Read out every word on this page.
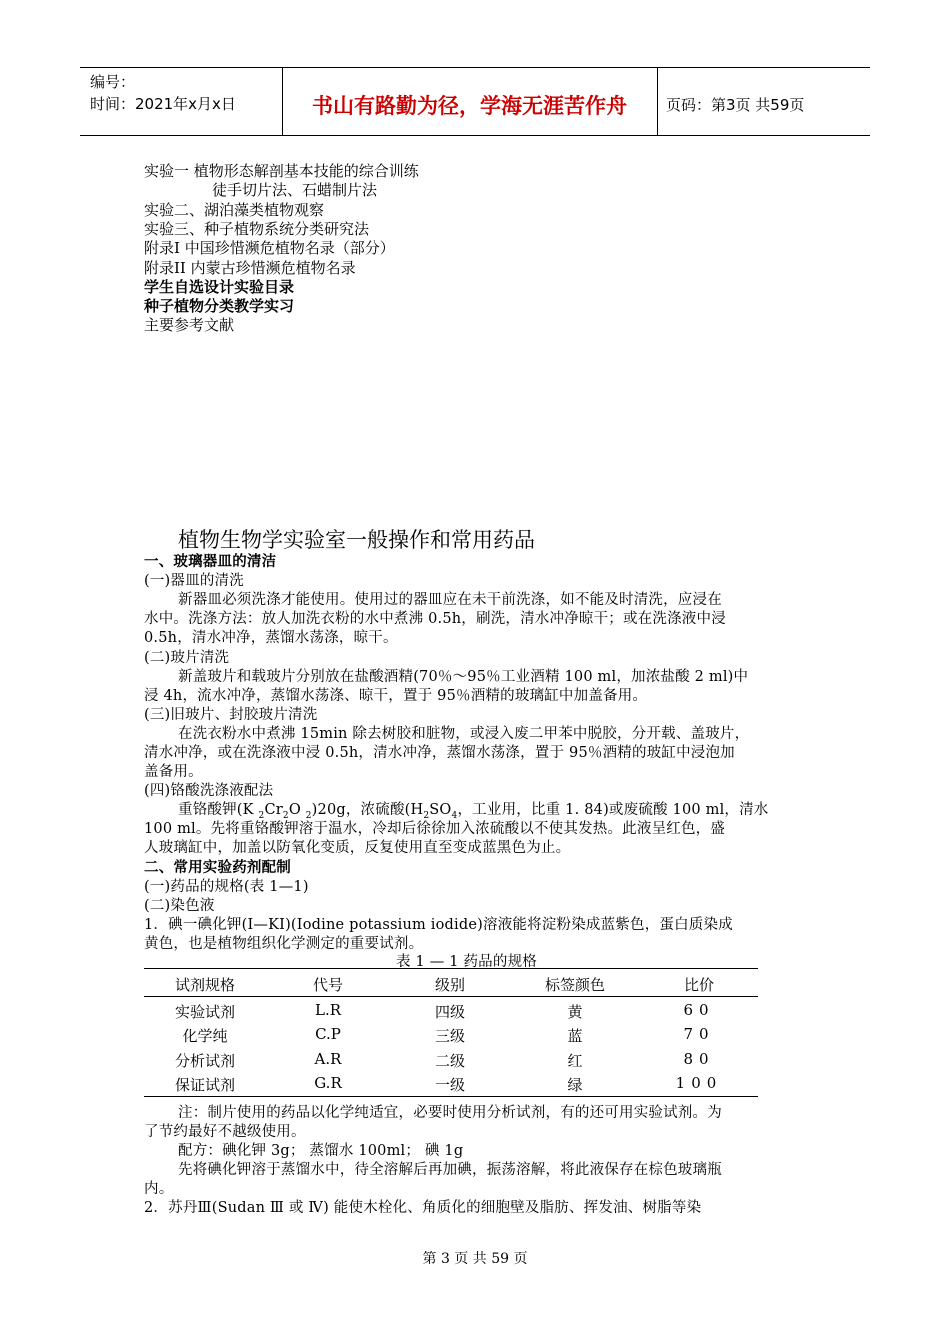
编号：
时间：2021年x月x日	书山有路勤为径，学海无涯苦作舟	页码：第3页 共59页
实验一 植物形态解剖基本技能的综合训练
徒手切片法、石蜡制片法
实验二、湖泊藻类植物观察
实验三、种子植物系统分类研究法
附录Ⅰ 中国珍惜濒危植物名录（部分）
附录II 内蒙古珍惜濒危植物名录
学生自选设计实验目录
种子植物分类教学实习
主要参考文献
植物生物学实验室一般操作和常用药品
一、玻璃器皿的清洁
(一)器皿的清洗
新器皿必须洗涤才能使用。使用过的器皿应在未干前洗涤，如不能及时清洗，应浸在
水中。洗涤方法：放人加洗衣粉的水中煮沸 0.5h，刷洗，清水冲净晾干；或在洗涤液中浸
0.5h，清水冲净，蒸馏水荡涤，晾干。
(二)玻片清洗
新盖玻片和载玻片分别放在盐酸酒精(70％～95％工业酒精 100 ml，加浓盐酸 2 ml)中
浸 4h，流水冲净，蒸馏水荡涤、晾干，置于 95％酒精的玻璃缸中加盖备用。
(三)旧玻片、封胶玻片清洗
在洗衣粉水中煮沸 15min 除去树胶和脏物，或浸入废二甲苯中脱胶，分开载、盖玻片，
清水冲净，或在洗涤液中浸 0.5h，清水冲净，蒸馏水荡涤，置于 95％酒精的玻缸中浸泡加
盖备用。
(四)铬酸洗涤液配法
重铬酸钾(K $_2Cr_2O$ $_2$)20g，浓硫酸($H_2SO_4$，工业用，比重 1. 84)或废硫酸 100 ml，清水
100 ml。先将重铬酸钾溶于温水，冷却后徐徐加入浓硫酸以不使其发热。此液呈红色，盛
人玻璃缸中，加盖以防氧化变质，反复使用直至变成蓝黑色为止。
二、常用实验药剂配制
(一)药品的规格(表 1—1)
(二)染色液
1．碘一碘化钾(I—KI)(Iodine potassium iodide)溶液能将淀粉染成蓝紫色，蛋白质染成
黄色，也是植物组织化学测定的重要试剂。
表 1 — 1 药品的规格
试剂规格	代号	级别	标签颜色	比价
实验试剂	L.R	四级	黄	60
化学纯	C.P	三级	蓝	70
分析试剂	A.R	二级	红	80
保证试剂	G.R	一级	绿	100
注：制片使用的药品以化学纯适宜，必要时使用分析试剂，有的还可用实验试剂。为
了节约最好不越级使用。
配方：碘化钾 3g； 蒸馏水 100ml； 碘 1g
先将碘化钾溶于蒸馏水中，待全溶解后再加碘，振荡溶解，将此液保存在棕色玻璃瓶
内。
2．苏丹Ⅲ(Sudan Ⅲ 或 Ⅳ) 能使木栓化、角质化的细胞壁及脂肪、挥发油、树脂等染
第 3 页 共 59 页
